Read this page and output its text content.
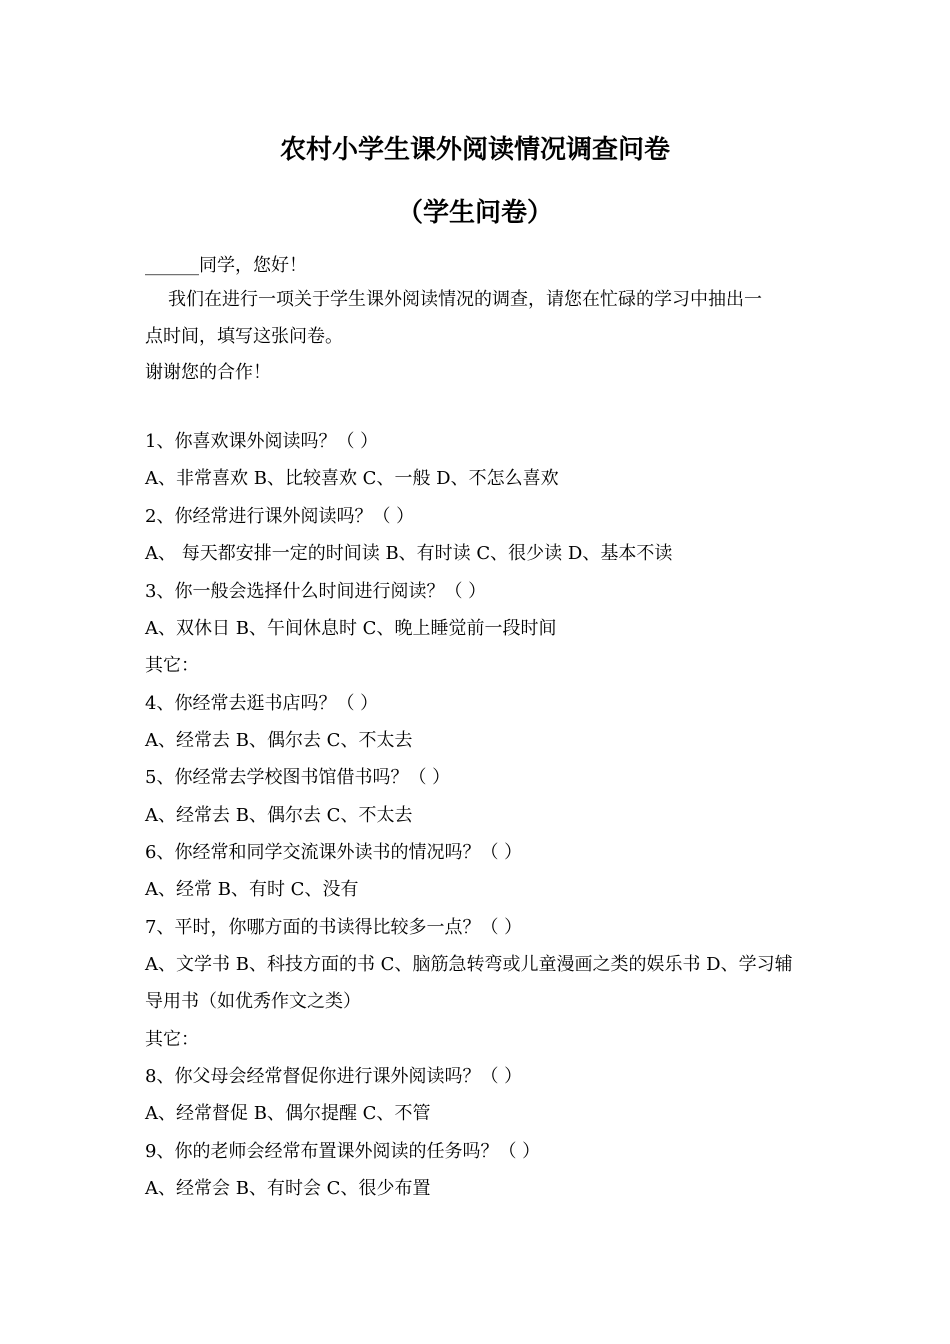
农村小学生课外阅读情况调查问卷
（学生问卷）
______同学，您好！
我们在进行一项关于学生课外阅读情况的调查，请您在忙碌的学习中抽出一
点时间，填写这张问卷。
谢谢您的合作！
1、你喜欢课外阅读吗？（ ）
A、非常喜欢 B、比较喜欢 C、一般 D、不怎么喜欢
2、你经常进行课外阅读吗？（ ）
A、 每天都安排一定的时间读 B、有时读 C、很少读 D、基本不读
3、你一般会选择什么时间进行阅读？（ ）
A、双休日 B、午间休息时 C、晚上睡觉前一段时间
其它：
4、你经常去逛书店吗？（ ）
A、经常去 B、偶尔去 C、不太去
5、你经常去学校图书馆借书吗？（ ）
A、经常去 B、偶尔去 C、不太去
6、你经常和同学交流课外读书的情况吗？（ ）
A、经常 B、有时 C、没有
7、平时，你哪方面的书读得比较多一点？（ ）
A、文学书 B、科技方面的书 C、脑筋急转弯或儿童漫画之类的娱乐书 D、学习辅
导用书（如优秀作文之类）
其它：
8、你父母会经常督促你进行课外阅读吗？（ ）
A、经常督促 B、偶尔提醒 C、不管
9、你的老师会经常布置课外阅读的任务吗？（ ）
A、经常会 B、有时会 C、很少布置
